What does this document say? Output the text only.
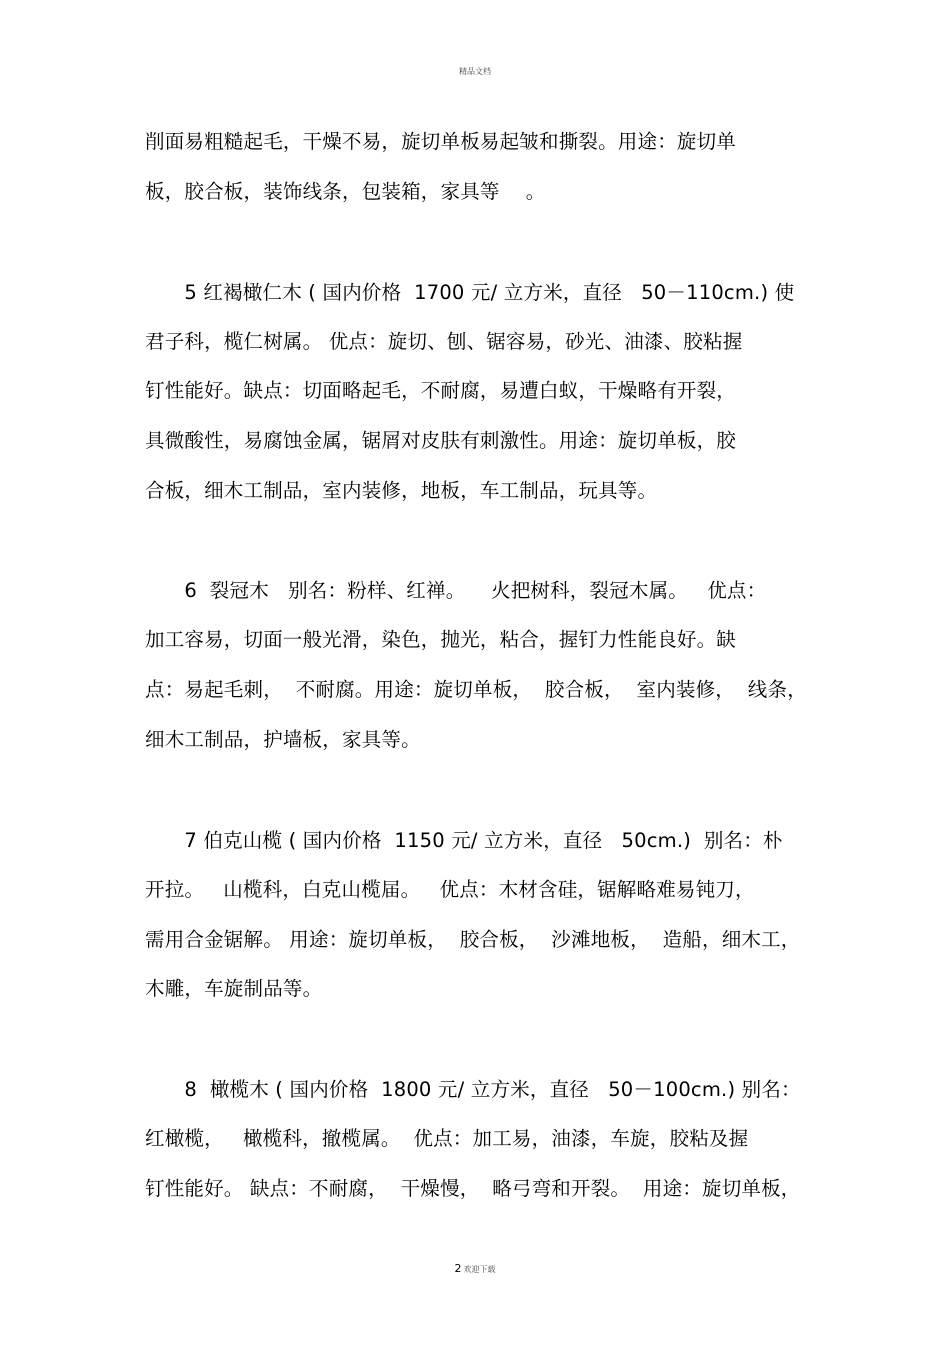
精品文档
削面易粗糙起毛，干燥不易，旋切单板易起皱和撕裂。用途：旋切单
板，胶合板，装饰线条，包装箱，家具等　 。
　　5 红褐橄仁木 ( 国内价格  1700 元/ 立方米，直径   50－110cm.) 使
君子科，榄仁树属。 优点：旋切、刨、锯容易，砂光、油漆、胶粘握
钉性能好。缺点：切面略起毛，不耐腐，易遭白蚁，干燥略有开裂，
具微酸性，易腐蚀金属，锯屑对皮肤有刺激性。用途：旋切单板，胶
合板，细木工制品，室内装修，地板，车工制品，玩具等。
　　6  裂冠木   别名：粉样、红禅。    火把树科，裂冠木属。   优点：
加工容易，切面一般光滑，染色，抛光，粘合，握钉力性能良好。缺
点：易起毛刺，  不耐腐。用途：旋切单板，  胶合板，  室内装修，  线条，
细木工制品，护墙板，家具等。
　　7 伯克山榄 ( 国内价格  1150 元/ 立方米，直径   50cm.)  别名：朴
开拉。   山榄科，白克山榄届。   优点：木材含硅，锯解略难易钝刀，
需用合金锯解。 用途：旋切单板，  胶合板，  沙滩地板，  造船，细木工，
木雕，车旋制品等。
　　8  橄榄木 ( 国内价格  1800 元/ 立方米，直径   50－100cm.) 别名：
红橄榄，   橄榄科，撤榄属。  优点：加工易，油漆，车旋，胶粘及握
钉性能好。 缺点：不耐腐，  干燥慢，  略弓弯和开裂。  用途：旋切单板，
2 欢迎下载
